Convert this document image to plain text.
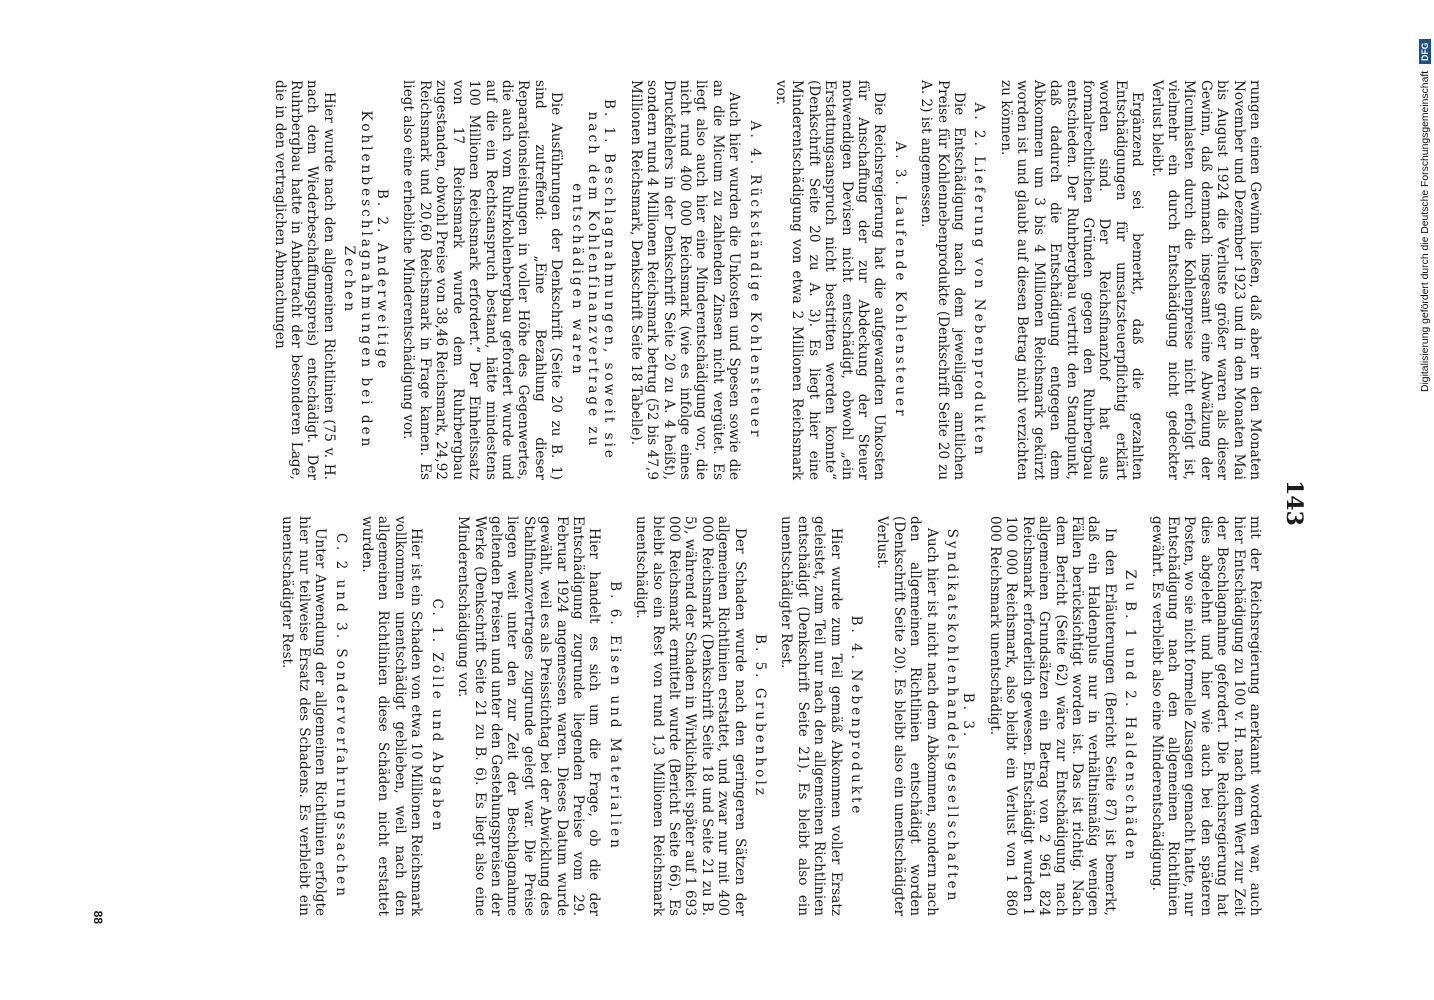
143

rungen einen Gewinn ließen, daß aber in den Monaten November und Dezember 1923 und in den Monaten Mai bis August 1924 die Verluste größer waren als dieser Gewinn, daß demnach insgesamt eine Abwälzung der Micumlasten durch die Kohlenpreise nicht erfolgt ist, vielmehr ein durch Entschädigung nicht gedeckter Verlust bleibt.

Ergänzend sei bemerkt, daß die gezahlten Entschädigungen für umsatzsteuerpflichtig erklärt worden sind. Der Reichsfinanzhof hat aus formalrechtlichen Gründen gegen den Ruhrbergbau entschieden. Der Ruhrbergbau vertritt den Standpunkt, daß dadurch die Entschädigung entgegen dem Abkommen um 3 bis 4 Millionen Reichsmark gekürzt worden ist und glaubt auf diesen Betrag nicht verzichten zu können.

A. 2. Lieferung von Nebenprodukten

Die Entschädigung nach dem jeweiligen amtlichen Preise für Kohlennebenprodukte (Denkschrift Seite 20 zu A. 2) ist angemessen.

A. 3. Laufende Kohlensteuer

Die Reichsregierung hat die aufgewandten Unkosten für Anschaffung der zur Abdeckung der Steuer notwendigen Devisen nicht entschädigt, obwohl „ein Erstattungsanspruch nicht bestritten werden konnte“ (Denkschrift Seite 20 zu A. 3). Es liegt hier eine Minderentschädigung von etwa 2 Millionen Reichsmark vor.

A. 4. Rückständige Kohlensteuer

Auch hier wurden die Unkosten und Spesen sowie die an die Micum zu zahlenden Zinsen nicht vergütet. Es liegt also auch hier eine Minderentschädigung vor, die nicht rund 400 000 Reichsmark (wie es infolge eines Druckfehlers in der Denkschrift Seite 20 zu A. 4 heißt), sondern rund 4 Millionen Reichsmark betrug (52 bis 47,9 Millionen Reichsmark, Denkschrift Seite 18 Tabelle).

B. 1. Beschlagnahmungen, soweit sie nach dem Kohlenfinanzvertrage zu entschädigen waren

Die Ausführungen der Denkschrift (Seite 20 zu B. 1) sind zutreffend: „Eine Bezahlung dieser Reparationsleistungen in voller Höhe des Gegenwertes, die auch vom Ruhrkohlenbergbau gefordert wurde und auf die ein Rechtsanspruch bestand, hätte mindestens 100 Millionen Reichsmark erfordert.“ Der Einheitssatz von 17 Reichsmark wurde dem Ruhrbergbau zugestanden, obwohl Preise von 38,46 Reichsmark, 24,92 Reichsmark und 20,60 Reichsmark in Frage kamen. Es liegt also eine erhebliche Minderentschädigung vor.

B. 2. Anderweitige Kohlenbeschlagnahmungen bei den Zechen

Hier wurde nach den allgemeinen Richtlinien (75 v. H. nach dem Wiederbeschaffungspreis) entschädigt. Der Ruhrbergbau hatte in Anbetracht der besonderen Lage, die in den vertraglichen Abmachungen

mit der Reichsregierung anerkannt worden war, auch hier Entschädigung zu 100 v. H. nach dem Wert zur Zeit der Beschlagnahme gefordert. Die Reichsregierung hat dies abgelehnt und hier wie auch bei den späteren Posten, wo sie nicht formelle Zusagen gemacht hatte, nur Entschädigung nach den allgemeinen Richtlinien gewährt. Es verbleibt also eine Minderentschädigung.

Zu B. 1 und 2. Haldenschäden

In den Erläuterungen (Bericht Seite 87) ist bemerkt, daß ein Haldenplus nur in verhältnismäßig wenigen Fällen berücksichtigt worden ist. Das ist richtig. Nach dem Bericht (Seite 62) wäre zur Entschädigung nach allgemeinen Grundsätzen ein Betrag von 2 961 824 Reichsmark erforderlich gewesen. Entschädigt wurden 1 100 000 Reichsmark, also bleibt ein Verlust von 1 860 000 Reichsmark unentschädigt.

B. 3. Syndikatskohlenhandelsgesellschaften

Auch hier ist nicht nach dem Abkommen, sondern nach den allgemeinen Richtlinien entschädigt worden (Denkschrift Seite 20). Es bleibt also ein unentschädigter Verlust.

B. 4. Nebenprodukte

Hier wurde zum Teil gemäß Abkommen voller Ersatz geleistet, zum Teil nur nach den allgemeinen Richtlinien entschädigt (Denkschrift Seite 21). Es bleibt also ein unentschädigter Rest.

B. 5. Grubenholz

Der Schaden wurde nach den geringeren Sätzen der allgemeinen Richtlinien erstattet, und zwar nur mit 400 000 Reichsmark (Denkschrift Seite 18 und Seite 21 zu B. 5), während der Schaden in Wirklichkeit später auf 1 693 000 Reichsmark ermittelt wurde (Bericht Seite 66). Es bleibt also ein Rest von rund 1,3 Millionen Reichsmark unentschädigt.

B. 6. Eisen und Materialien

Hier handelt es sich um die Frage, ob die der Entschädigung zugrunde liegenden Preise vom 29. Februar 1924 angemessen waren. Dieses Datum wurde gewählt, weil es als Preisstichtag bei der Abwicklung des Stahlfinanzvertrages zugrunde gelegt war. Die Preise liegen weit unter den zur Zeit der Beschlagnahme geltenden Preisen und unter den Gestehungspreisen der Werke (Denkschrift Seite 21 zu B. 6). Es liegt also eine Minderentschädigung vor.

C. 1. Zölle und Abgaben

Hier ist ein Schaden von etwa 10 Millionen Reichsmark vollkommen unentschädigt geblieben, weil nach den allgemeinen Richtlinien diese Schäden nicht erstattet wurden.

C. 2 und 3. Sonderverfahrungssachen

Unter Anwendung der allgemeinen Richtlinien erfolgte hier nur teilweise Ersatz des Schadens. Es verbleibt ein unentschädigter Rest.

88
Digitalisierung gefördert durch die Deutsche Forschungsgemeinschaft DFG
